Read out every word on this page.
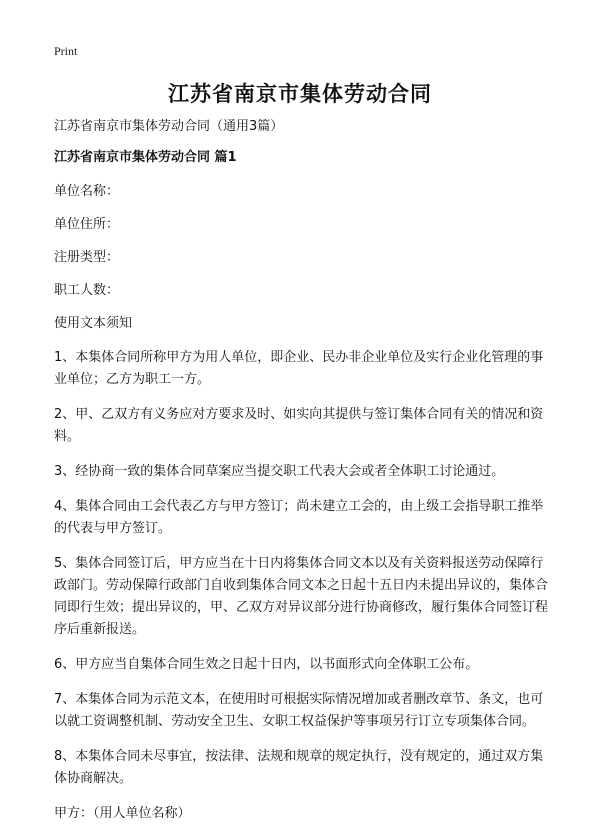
Print
江苏省南京市集体劳动合同

江苏省南京市集体劳动合同（通用3篇）

江苏省南京市集体劳动合同 篇1

单位名称：

单位住所：

注册类型：

职工人数：

使用文本须知

1、本集体合同所称甲方为用人单位，即企业、民办非企业单位及实行企业化管理的事业单位；乙方为职工一方。

2、甲、乙双方有义务应对方要求及时、如实向其提供与签订集体合同有关的情况和资料。

3、经协商一致的集体合同草案应当提交职工代表大会或者全体职工讨论通过。

4、集体合同由工会代表乙方与甲方签订；尚未建立工会的，由上级工会指导职工推举的代表与甲方签订。

5、集体合同签订后，甲方应当在十日内将集体合同文本以及有关资料报送劳动保障行政部门。劳动保障行政部门自收到集体合同文本之日起十五日内未提出异议的，集体合同即行生效；提出异议的，甲、乙双方对异议部分进行协商修改，履行集体合同签订程序后重新报送。

6、甲方应当自集体合同生效之日起十日内，以书面形式向全体职工公布。

7、本集体合同为示范文本，在使用时可根据实际情况增加或者删改章节、条文，也可以就工资调整机制、劳动安全卫生、女职工权益保护等事项另行订立专项集体合同。

8、本集体合同未尽事宜，按法律、法规和规章的规定执行，没有规定的，通过双方集体协商解决。

甲方：（用人单位名称）
